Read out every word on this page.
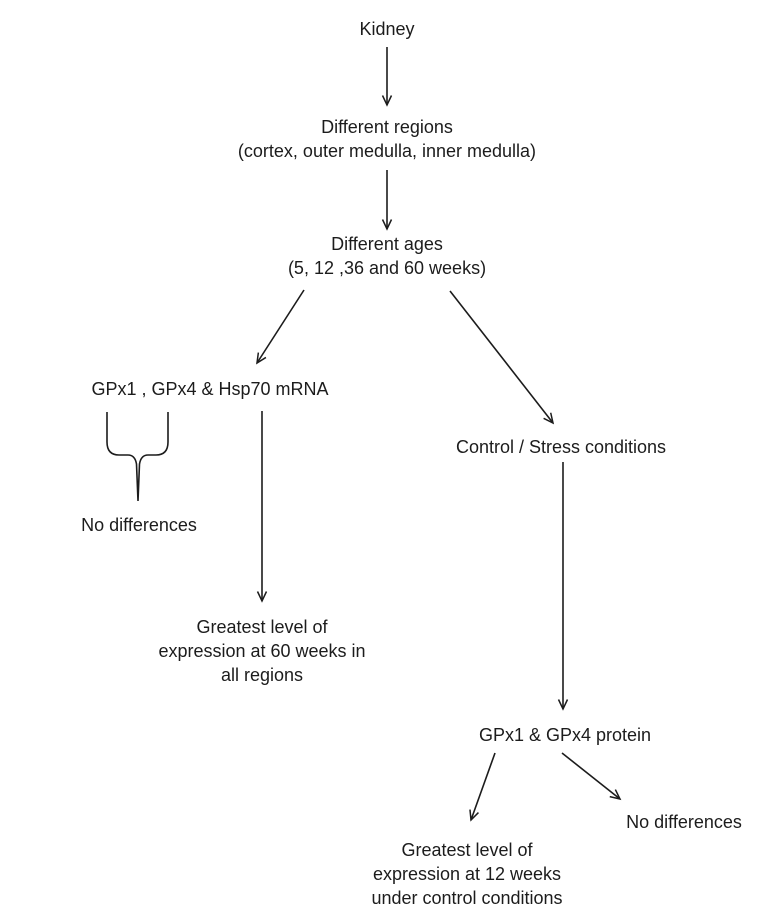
Kidney
Different regions
(cortex, outer medulla, inner medulla)
Different ages
(5, 12 ,36 and 60 weeks)
GPx1 , GPx4 & Hsp70 mRNA
No differences
Greatest level of
expression at 60 weeks in
all regions
Control / Stress conditions
GPx1 & GPx4 protein
No differences
Greatest level of
expression at 12 weeks
under control conditions
